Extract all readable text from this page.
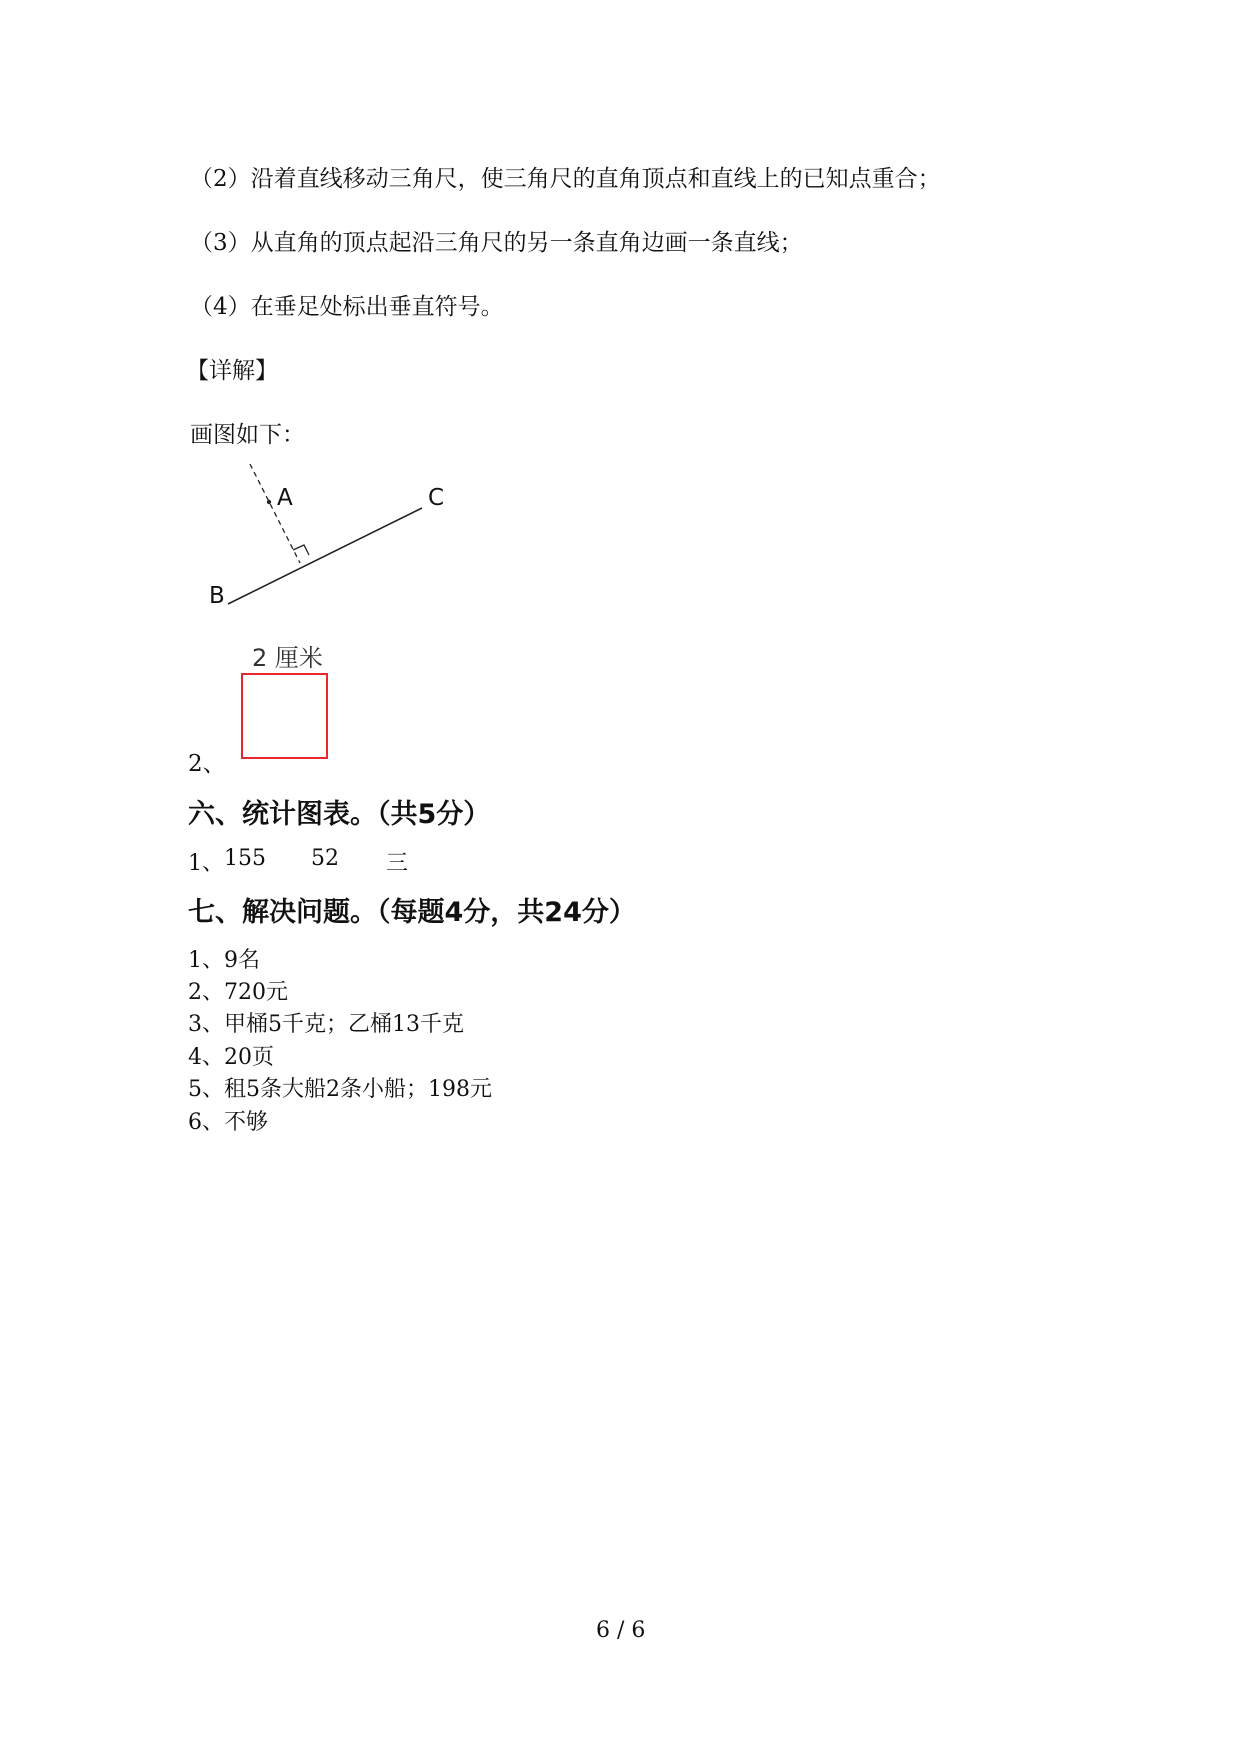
（2）沿着直线移动三角尺，使三角尺的直角顶点和直线上的已知点重合；
（3）从直角的顶点起沿三角尺的另一条直角边画一条直线；
（4）在垂足处标出垂直符号。
【详解】
画图如下：
A	C
B
2 厘米
2、
六、统计图表。（共5分）
1、 155 52 三
七、解决问题。（每题4分，共24分）
1、9名
2、720元
3、甲桶5千克；乙桶13千克
4、20页
5、租5条大船2条小船；198元
6、不够
6 / 6
